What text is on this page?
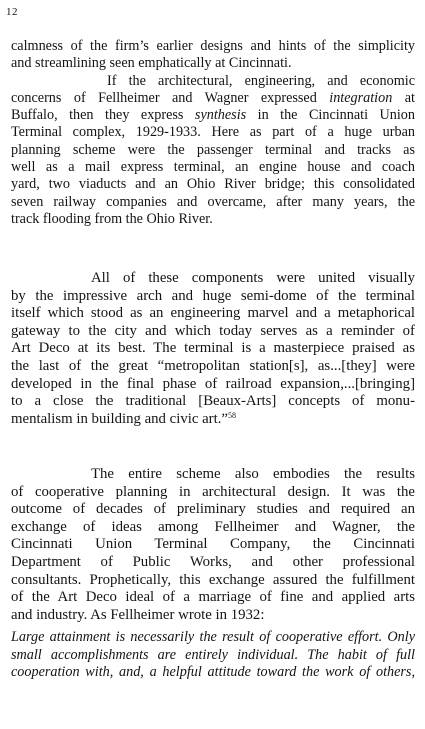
12

calmness of the firm’s earlier designs and hints of the simplicity
and streamlining seen emphatically at Cincinnati.
If the architectural, engineering, and economic
concerns of Fellheimer and Wagner expressed integration at
Buffalo, then they express synthesis in the Cincinnati Union
Terminal complex, 1929-1933. Here as part of a huge urban
planning scheme were the passenger terminal and tracks as
well as a mail express terminal, an engine house and coach
yard, two viaducts and an Ohio River bridge; this consolidated
seven railway companies and overcame, after many years, the
track flooding from the Ohio River.

All of these components were united visually
by the impressive arch and huge semi-dome of the terminal
itself which stood as an engineering marvel and a metaphorical
gateway to the city and which today serves as a reminder of
Art Deco at its best. The terminal is a masterpiece praised as
the last of the great “metropolitan station[s], as...[they] were
developed in the final phase of railroad expansion,...[bringing]
to a close the traditional [Beaux-Arts] concepts of monu-
mentalism in building and civic art.”$^{58}$

The entire scheme also embodies the results
of cooperative planning in architectural design. It was the
outcome of decades of preliminary studies and required an
exchange of ideas among Fellheimer and Wagner, the
Cincinnati Union Terminal Company, the Cincinnati
Department of Public Works, and other professional
consultants. Prophetically, this exchange assured the fulfillment
of the Art Deco ideal of a marriage of fine and applied arts
and industry. As Fellheimer wrote in 1932:

Large attainment is necessarily the result of cooperative effort. Only
small accomplishments are entirely individual. The habit of full
cooperation with, and, a helpful attitude toward the work of others,
